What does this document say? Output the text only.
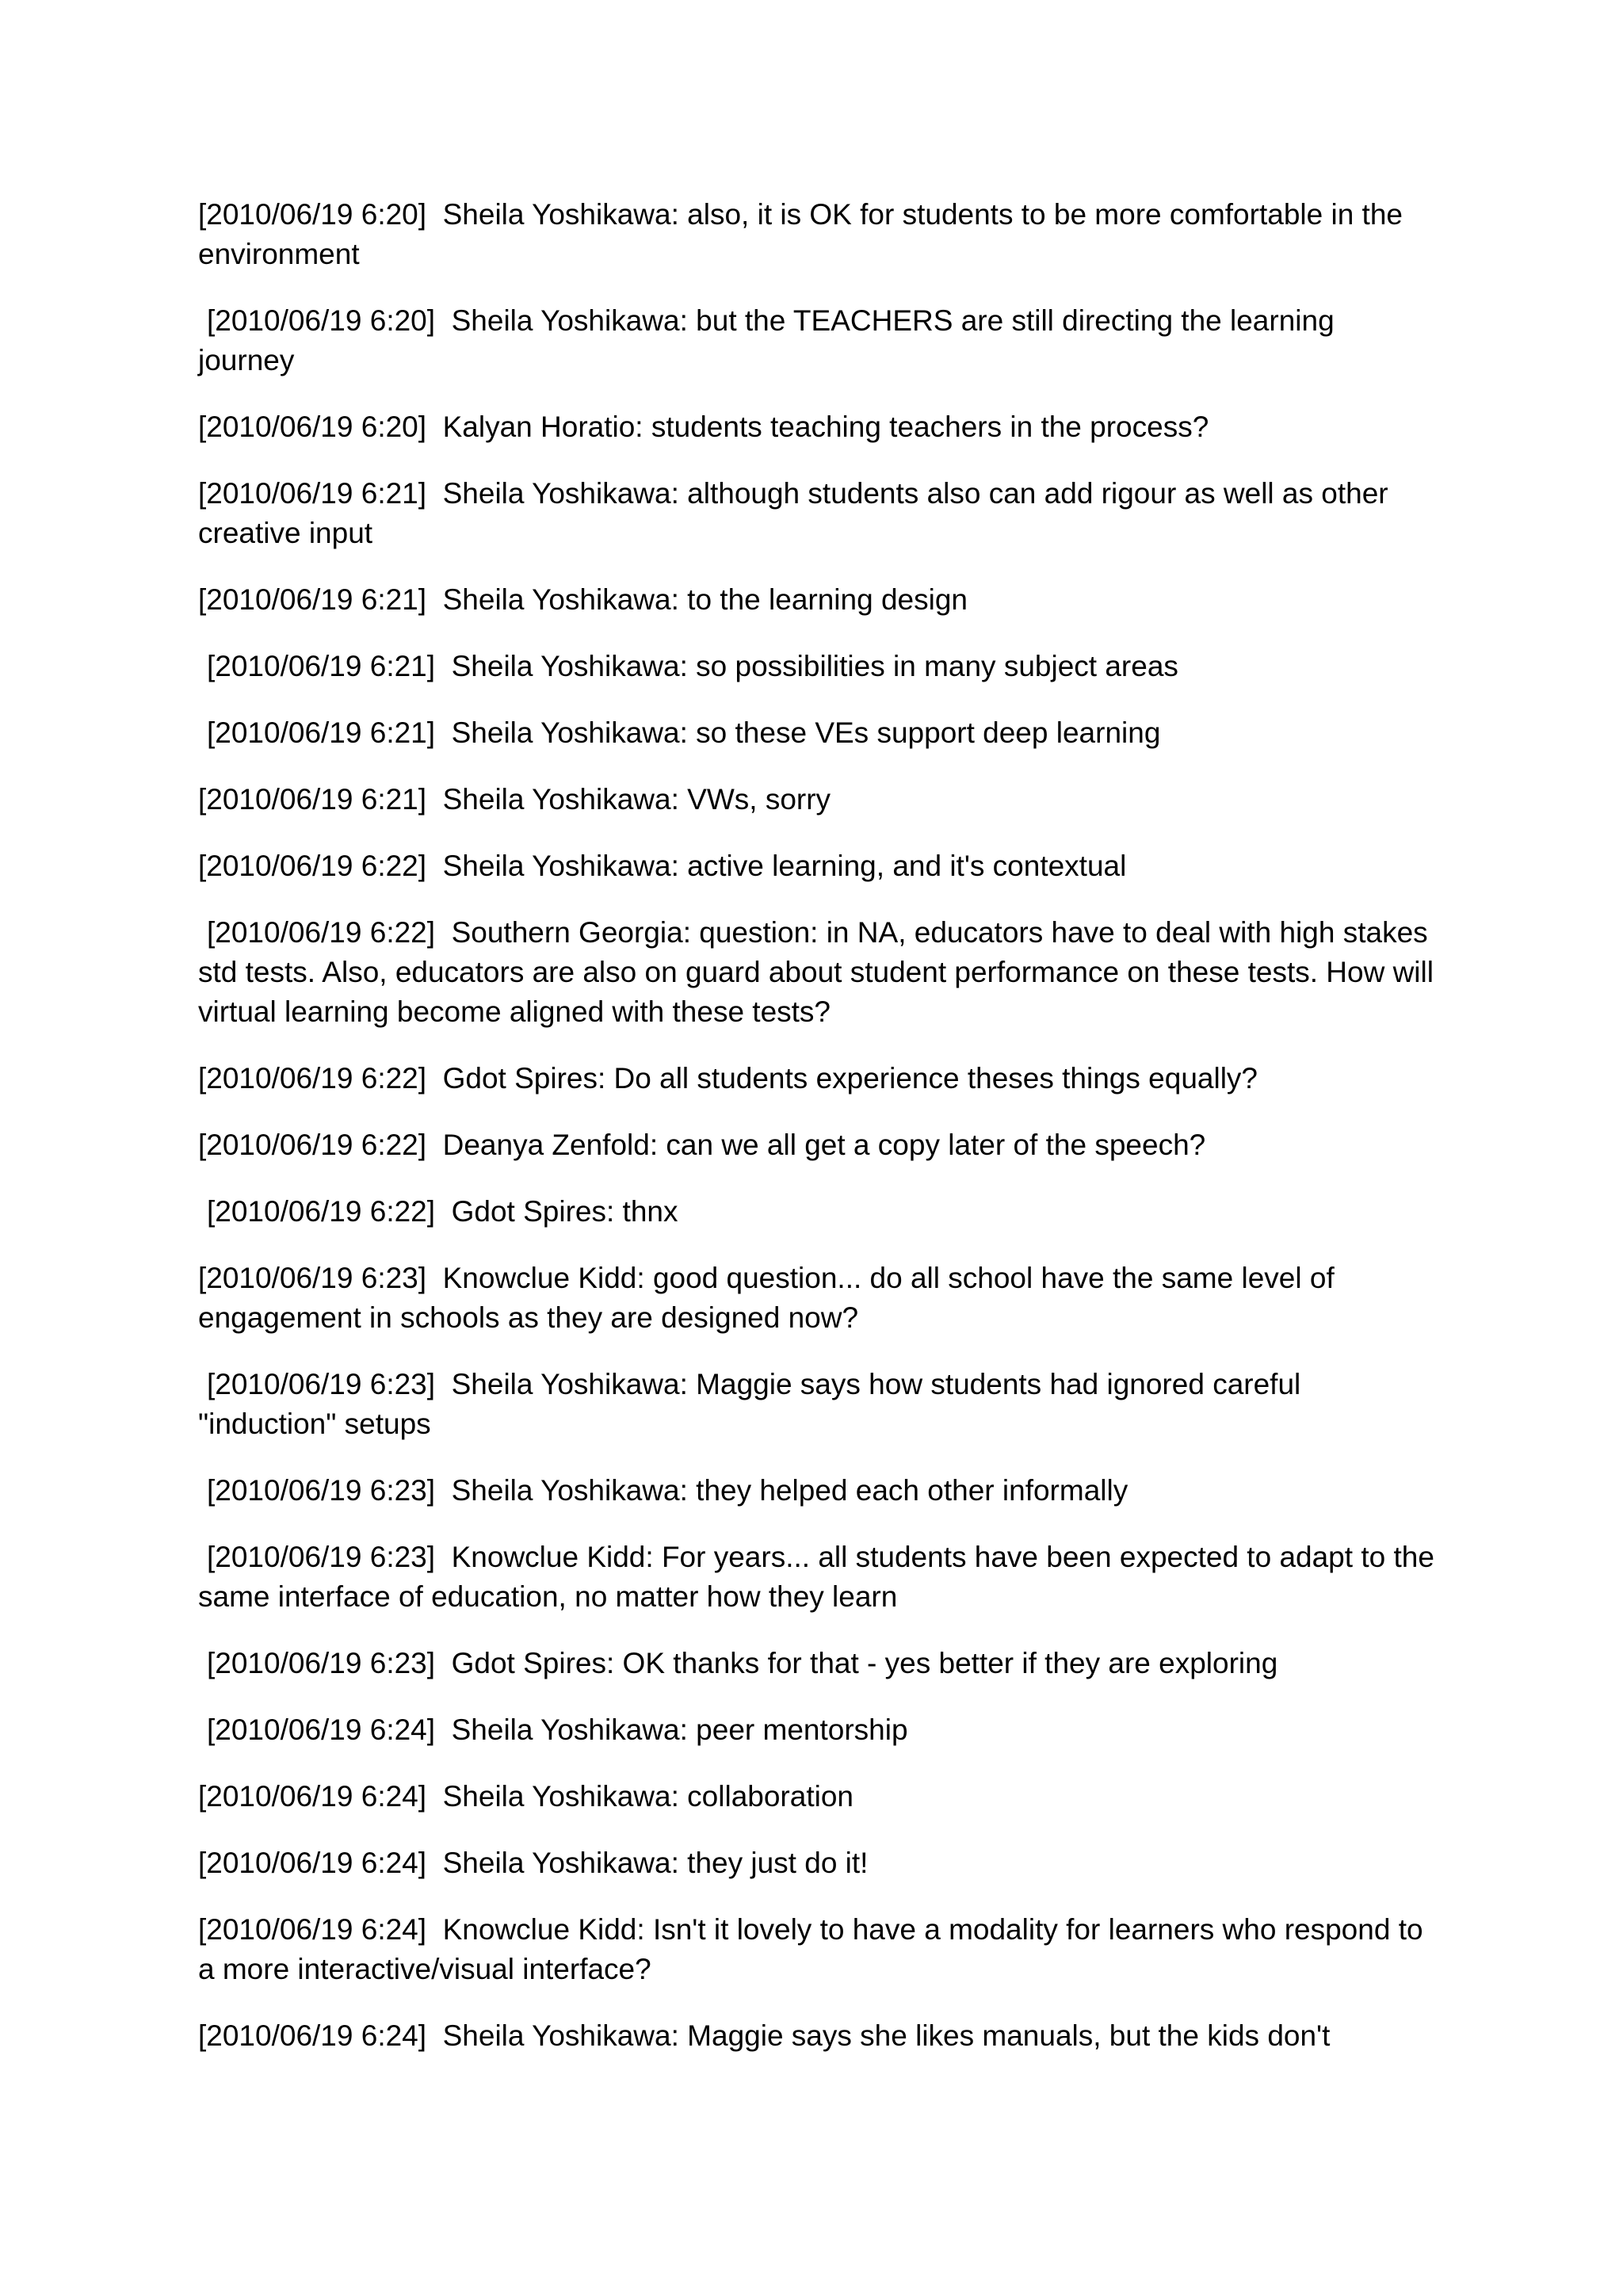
[2010/06/19 6:20] Sheila Yoshikawa : also, it is OK for students to be more comfortable in the environment

[2010/06/19 6:20] Sheila Yoshikawa : but the TEACHERS are still directing the learning journey

[2010/06/19 6:20] Kalyan Horatio : students teaching teachers in the process?

[2010/06/19 6:21] Sheila Yoshikawa : although students also can add rigour as well as other creative input

[2010/06/19 6:21] Sheila Yoshikawa : to the learning design

[2010/06/19 6:21] Sheila Yoshikawa : so possibilities in many subject areas

[2010/06/19 6:21] Sheila Yoshikawa : so these VEs support deep learning

[2010/06/19 6:21] Sheila Yoshikawa : VWs, sorry

[2010/06/19 6:22] Sheila Yoshikawa : active learning, and it's contextual

[2010/06/19 6:22] Southern Georgia : question: in NA, educators have to deal with high stakes std tests. Also, educators are also on guard about student performance on these tests. How will virtual learning become aligned with these tests?

[2010/06/19 6:22] Gdot Spires : Do all students experience theses things equally?

[2010/06/19 6:22] Deanya Zenfold : can we all get a copy later of the speech?

[2010/06/19 6:22] Gdot Spires : thnx

[2010/06/19 6:23] Knowclue Kidd : good question... do all school have the same level of engagement in schools as they are designed now?

[2010/06/19 6:23] Sheila Yoshikawa : Maggie says how students had ignored careful "induction" setups

[2010/06/19 6:23] Sheila Yoshikawa : they helped each other informally

[2010/06/19 6:23] Knowclue Kidd : For years... all students have been expected to adapt to the same interface of education, no matter how they learn

[2010/06/19 6:23] Gdot Spires : OK thanks for that - yes better if they are exploring

[2010/06/19 6:24] Sheila Yoshikawa : peer mentorship

[2010/06/19 6:24] Sheila Yoshikawa : collaboration

[2010/06/19 6:24] Sheila Yoshikawa : they just do it!

[2010/06/19 6:24] Knowclue Kidd : Isn't it lovely to have a modality for learners who respond to a more interactive/visual interface?

[2010/06/19 6:24] Sheila Yoshikawa : Maggie says she likes manuals, but the kids don't
